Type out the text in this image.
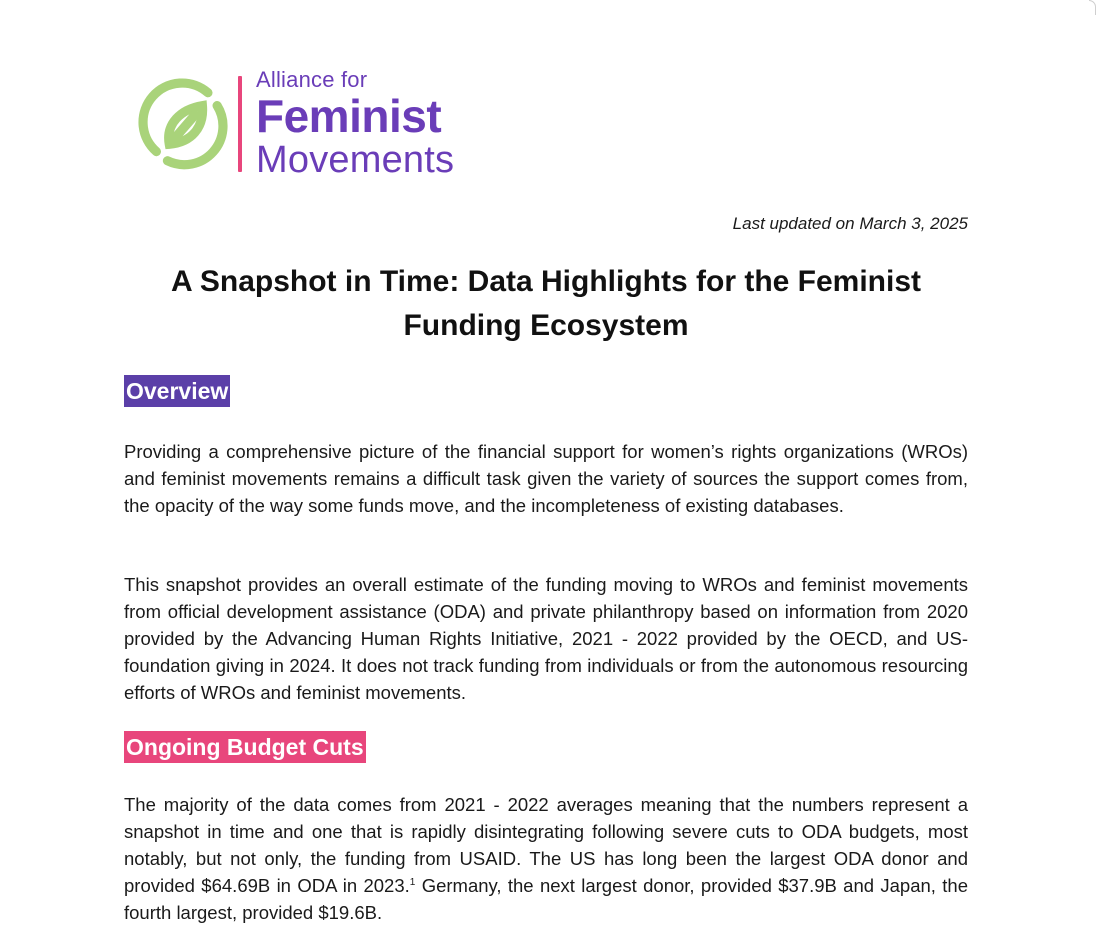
Alliance for
Feminist
Movements
Last updated on March 3, 2025
A Snapshot in Time: Data Highlights for the Feminist Funding Ecosystem
Overview

Providing a comprehensive picture of the financial support for women’s rights organizations (WROs) and feminist movements remains a difficult task given the variety of sources the support comes from, the opacity of the way some funds move, and the incompleteness of existing databases.

This snapshot provides an overall estimate of the funding moving to WROs and feminist movements from official development assistance (ODA) and private philanthropy based on information from 2020 provided by the Advancing Human Rights Initiative, 2021 - 2022 provided by the OECD, and US-foundation giving in 2024. It does not track funding from individuals or from the autonomous resourcing efforts of WROs and feminist movements.

Ongoing Budget Cuts

The majority of the data comes from 2021 - 2022 averages meaning that the numbers represent a snapshot in time and one that is rapidly disintegrating following severe cuts to ODA budgets, most notably, but not only, the funding from USAID. The US has long been the largest ODA donor and provided $64.69B in ODA in 2023.$^1$ Germany, the next largest donor, provided $37.9B and Japan, the fourth largest, provided $19.6B.
